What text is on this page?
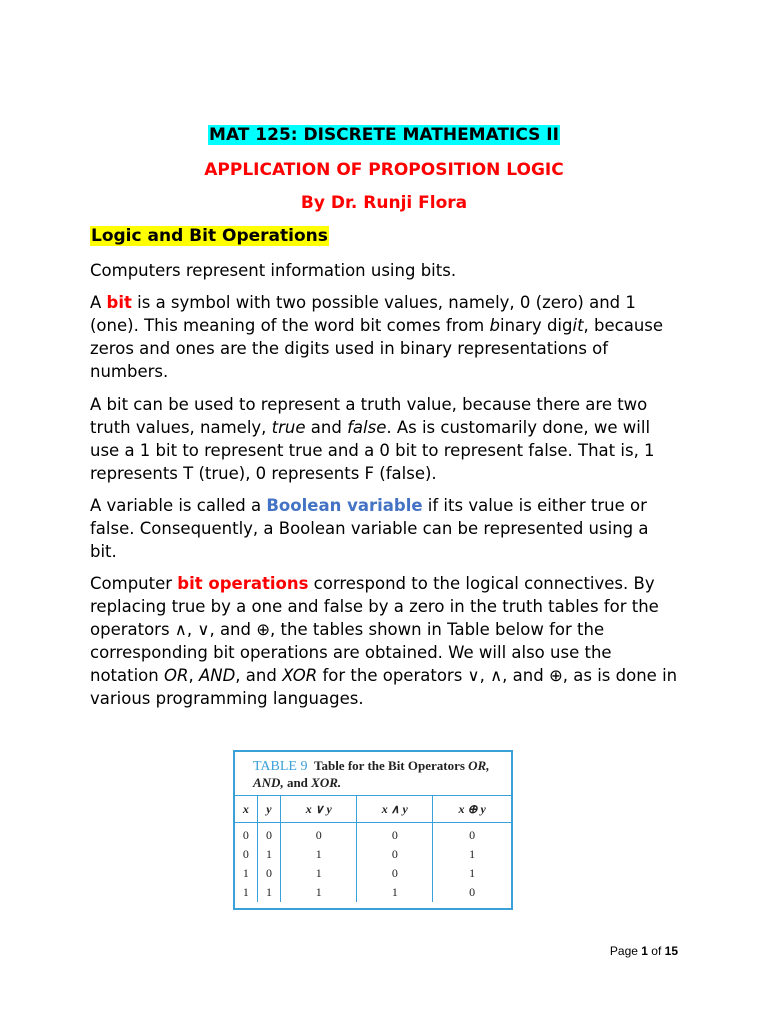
MAT 125: DISCRETE MATHEMATICS II
APPLICATION OF PROPOSITION LOGIC
By Dr. Runji Flora
Logic and Bit Operations
Computers represent information using bits.
A bit is a symbol with two possible values, namely, 0 (zero) and 1 (one). This meaning of the word bit comes from binary digit, because zeros and ones are the digits used in binary representations of numbers.
A bit can be used to represent a truth value, because there are two truth values, namely, true and false. As is customarily done, we will use a 1 bit to represent true and a 0 bit to represent false. That is, 1 represents T (true), 0 represents F (false).
A variable is called a Boolean variable if its value is either true or false. Consequently, a Boolean variable can be represented using a bit.
Computer bit operations correspond to the logical connectives. By replacing true by a one and false by a zero in the truth tables for the operators ∧, ∨, and ⊕, the tables shown in Table below for the corresponding bit operations are obtained. We will also use the notation OR, AND, and XOR for the operators ∨, ∧, and ⊕, as is done in various programming languages.
TABLE 9 Table for the Bit Operators OR,
AND, and XOR.
x	y	x ∨ y	x ∧ y	x ⊕ y
0	0	0	0	0
0	1	1	0	1
1	0	1	0	1
1	1	1	1	0
Page 1 of 15
